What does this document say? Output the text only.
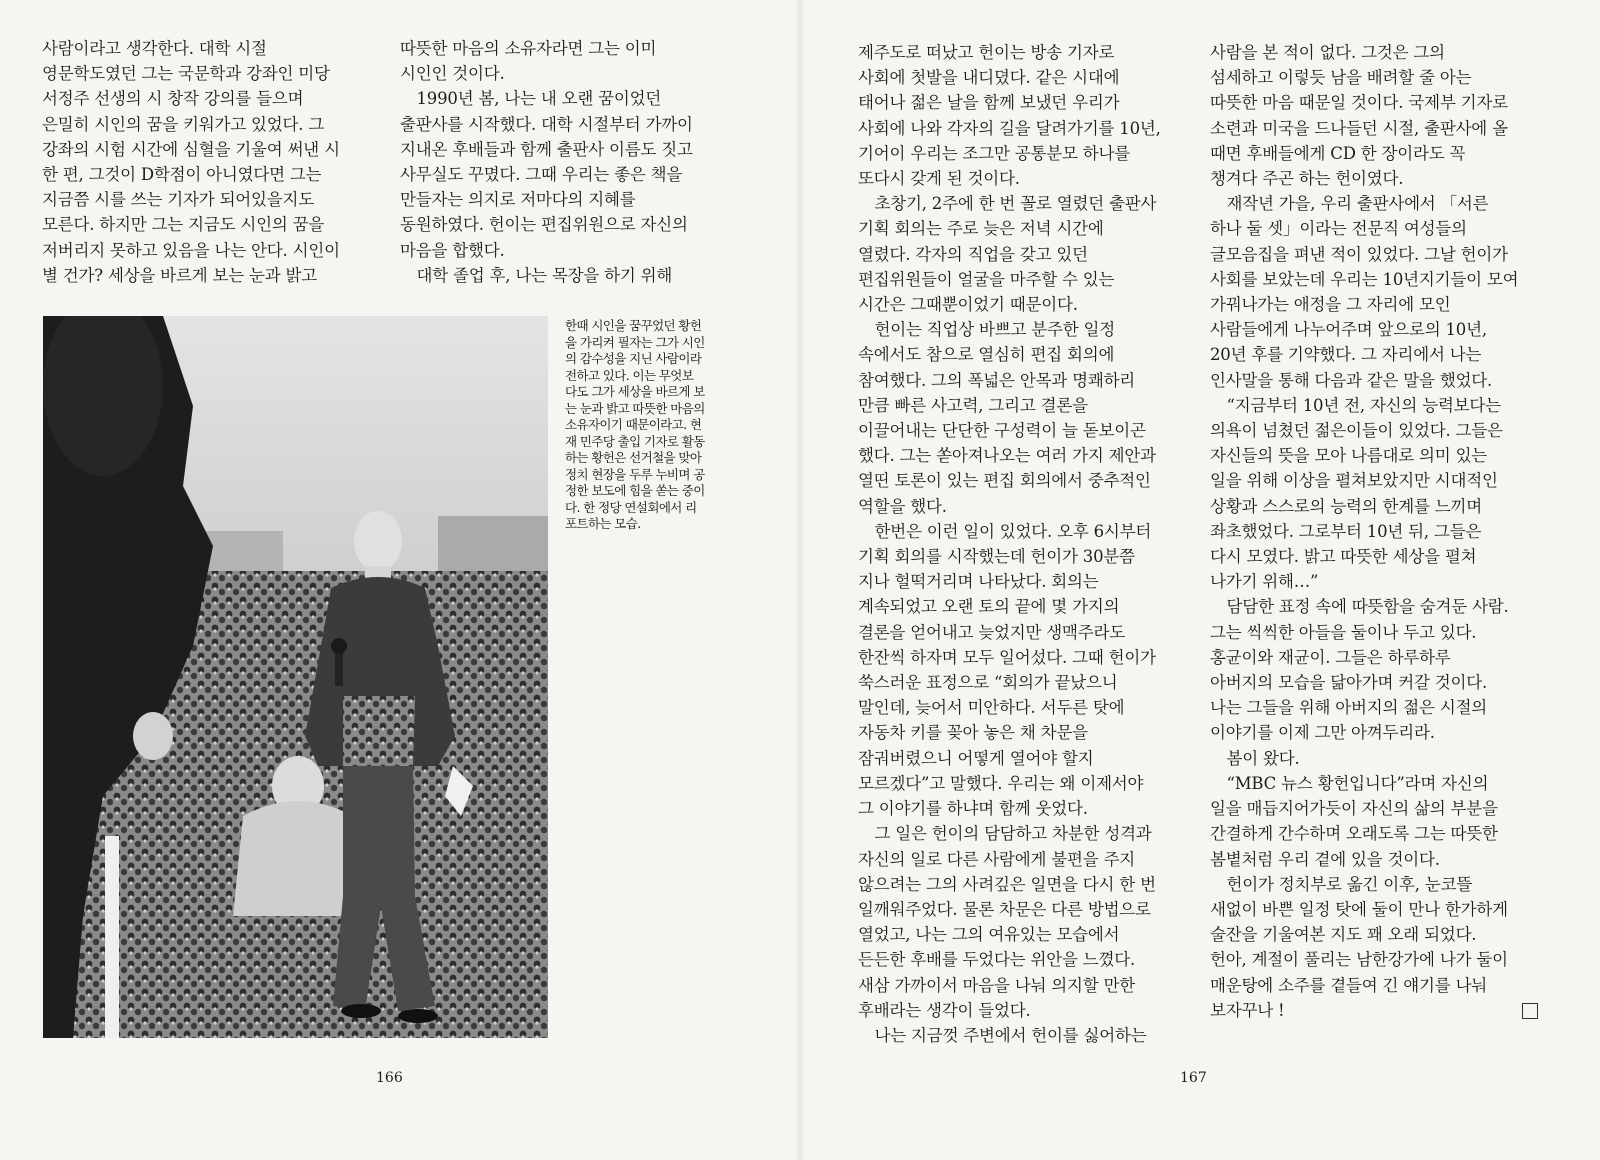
사람이라고 생각한다. 대학 시절
영문학도였던 그는 국문학과 강좌인 미당
서정주 선생의 시 창작 강의를 들으며
은밀히 시인의 꿈을 키워가고 있었다. 그
강좌의 시험 시간에 심혈을 기울여 써낸 시
한 편, 그것이 D학점이 아니였다면 그는
지금쯤 시를 쓰는 기자가 되어있을지도
모른다. 하지만 그는 지금도 시인의 꿈을
저버리지 못하고 있음을 나는 안다. 시인이
별 건가? 세상을 바르게 보는 눈과 밝고

따뜻한 마음의 소유자라면 그는 이미
시인인 것이다.

1990년 봄, 나는 내 오랜 꿈이었던
출판사를 시작했다. 대학 시절부터 가까이
지내온 후배들과 함께 출판사 이름도 짓고
사무실도 꾸몄다. 그때 우리는 좋은 책을
만들자는 의지로 저마다의 지혜를
동원하였다. 헌이는 편집위원으로 자신의
마음을 합했다.

대학 졸업 후, 나는 목장을 하기 위해

한때 시인을 꿈꾸었던 황헌
을 가리켜 필자는 그가 시인
의 감수성을 지닌 사람이라
전하고 있다. 이는 무엇보
다도 그가 세상을 바르게 보
는 눈과 밝고 따뜻한 마음의
소유자이기 때문이라고. 현
재 민주당 출입 기자로 활동
하는 황헌은 선거철을 맞아
정치 현장을 두루 누비며 공
정한 보도에 힘을 쏟는 중이
다. 한 정당 연설회에서 리
포트하는 모습.
166

제주도로 떠났고 헌이는 방송 기자로
사회에 첫발을 내디뎠다. 같은 시대에
태어나 젊은 날을 함께 보냈던 우리가
사회에 나와 각자의 길을 달려가기를 10년,
기어이 우리는 조그만 공통분모 하나를
또다시 갖게 된 것이다.

초창기, 2주에 한 번 꼴로 열렸던 출판사
기획 회의는 주로 늦은 저녁 시간에
열렸다. 각자의 직업을 갖고 있던
편집위원들이 얼굴을 마주할 수 있는
시간은 그때뿐이었기 때문이다.

헌이는 직업상 바쁘고 분주한 일정
속에서도 참으로 열심히 편집 회의에
참여했다. 그의 폭넓은 안목과 명쾌하리
만큼 빠른 사고력, 그리고 결론을
이끌어내는 단단한 구성력이 늘 돋보이곤
했다. 그는 쏟아져나오는 여러 가지 제안과
열띤 토론이 있는 편집 회의에서 중추적인
역할을 했다.

한번은 이런 일이 있었다. 오후 6시부터
기획 회의를 시작했는데 헌이가 30분쯤
지나 헐떡거리며 나타났다. 회의는
계속되었고 오랜 토의 끝에 몇 가지의
결론을 얻어내고 늦었지만 생맥주라도
한잔씩 하자며 모두 일어섰다. 그때 헌이가
쑥스러운 표정으로 “회의가 끝났으니
말인데, 늦어서 미안하다. 서두른 탓에
자동차 키를 꽂아 놓은 채 차문을
잠궈버렸으니 어떻게 열어야 할지
모르겠다”고 말했다. 우리는 왜 이제서야
그 이야기를 하냐며 함께 웃었다.

그 일은 헌이의 담담하고 차분한 성격과
자신의 일로 다른 사람에게 불편을 주지
않으려는 그의 사려깊은 일면을 다시 한 번
일깨워주었다. 물론 차문은 다른 방법으로
열었고, 나는 그의 여유있는 모습에서
든든한 후배를 두었다는 위안을 느꼈다.
새삼 가까이서 마음을 나눠 의지할 만한
후배라는 생각이 들었다.

나는 지금껏 주변에서 헌이를 싫어하는

사람을 본 적이 없다. 그것은 그의
섬세하고 이렇듯 남을 배려할 줄 아는
따뜻한 마음 때문일 것이다. 국제부 기자로
소련과 미국을 드나들던 시절, 출판사에 올
때면 후배들에게 CD 한 장이라도 꼭
챙겨다 주곤 하는 헌이였다.

재작년 가을, 우리 출판사에서 「서른
하나 둘 셋」이라는 전문직 여성들의
글모음집을 펴낸 적이 있었다. 그날 헌이가
사회를 보았는데 우리는 10년지기들이 모여
가꿔나가는 애정을 그 자리에 모인
사람들에게 나누어주며 앞으로의 10년,
20년 후를 기약했다. 그 자리에서 나는
인사말을 통해 다음과 같은 말을 했었다.

“지금부터 10년 전, 자신의 능력보다는
의욕이 넘쳤던 젊은이들이 있었다. 그들은
자신들의 뜻을 모아 나름대로 의미 있는
일을 위해 이상을 펼쳐보았지만 시대적인
상황과 스스로의 능력의 한계를 느끼며
좌초했었다. 그로부터 10년 뒤, 그들은
다시 모였다. 밝고 따뜻한 세상을 펼쳐
나가기 위해…”

담담한 표정 속에 따뜻함을 숨겨둔 사람.
그는 씩씩한 아들을 둘이나 두고 있다.
홍균이와 재균이. 그들은 하루하루
아버지의 모습을 닮아가며 커갈 것이다.
나는 그들을 위해 아버지의 젊은 시절의
이야기를 이제 그만 아껴두리라.

봄이 왔다.

“MBC 뉴스 황헌입니다”라며 자신의
일을 매듭지어가듯이 자신의 삶의 부분을
간결하게 간수하며 오래도록 그는 따뜻한
봄볕처럼 우리 곁에 있을 것이다.

헌이가 정치부로 옮긴 이후, 눈코뜰
새없이 바쁜 일정 탓에 둘이 만나 한가하게
술잔을 기울여본 지도 꽤 오래 되었다.
헌아, 계절이 풀리는 남한강가에 나가 둘이
매운탕에 소주를 곁들여 긴 얘기를 나눠
보자꾸나 !

167
